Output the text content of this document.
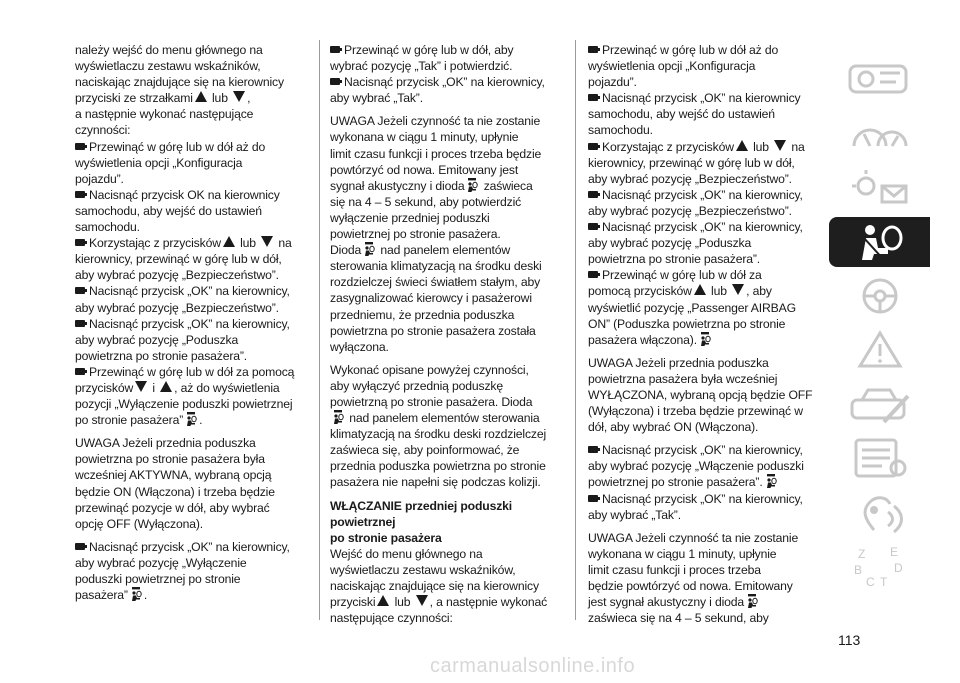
należy wejść do menu głównego na
wyświetlaczu zestawu wskaźników,
naciskając znajdujące się na kierownicy
przyciski ze strzałkami lub ,
a następnie wykonać następujące
czynności:

Przewinąć w górę lub w dół aż do
wyświetlenia opcji „Konfiguracja
pojazdu”.

Nacisnąć przycisk OK na kierownicy
samochodu, aby wejść do ustawień
samochodu.

Korzystając z przycisków lub  na
kierownicy, przewinąć w górę lub w dół,
aby wybrać pozycję „Bezpieczeństwo”.

Nacisnąć przycisk „OK” na kierownicy,
aby wybrać pozycję „Bezpieczeństwo”.

Nacisnąć przycisk „OK” na kierownicy,
aby wybrać pozycję „Poduszka
powietrzna po stronie pasażera”.

Przewinąć w górę lub w dół za pomocą
przycisków i , aż do wyświetlenia
pozycji „Wyłączenie poduszki powietrznej
po stronie pasażera” .

UWAGA Jeżeli przednia poduszka
powietrzna po stronie pasażera była
wcześniej AKTYWNA, wybraną opcją
będzie ON (Włączona) i trzeba będzie
przewinąć pozycje w dół, aby wybrać
opcję OFF (Wyłączona).

Nacisnąć przycisk „OK” na kierownicy,
aby wybrać pozycję „Wyłączenie
poduszki powietrznej po stronie
pasażera” .

Przewinąć w górę lub w dół, aby
wybrać pozycję „Tak” i potwierdzić.

Nacisnąć przycisk „OK” na kierownicy,
aby wybrać „Tak”.

UWAGA Jeżeli czynność ta nie zostanie
wykonana w ciągu 1 minuty, upłynie
limit czasu funkcji i proces trzeba będzie
powtórzyć od nowa. Emitowany jest
sygnał akustyczny i dioda zaświeca
się na 4 – 5 sekund, aby potwierdzić
wyłączenie przedniej poduszki
powietrznej po stronie pasażera.
Dioda nad panelem elementów
sterowania klimatyzacją na środku deski
rozdzielczej świeci światłem stałym, aby
zasygnalizować kierowcy i pasażerowi
przedniemu, że przednia poduszka
powietrzna po stronie pasażera została
wyłączona.

Wykonać opisane powyżej czynności,
aby wyłączyć przednią poduszkę
powietrzną po stronie pasażera. Dioda
nad panelem elementów sterowania
klimatyzacją na środku deski rozdzielczej
zaświeca się, aby poinformować, że
przednia poduszka powietrzna po stronie
pasażera nie napełni się podczas kolizji.

WŁĄCZANIE przedniej poduszki powietrznej
po stronie pasażera

Wejść do menu głównego na
wyświetlaczu zestawu wskaźników,
naciskając znajdujące się na kierownicy
przyciski lub , a następnie wykonać
następujące czynności:

Przewinąć w górę lub w dół aż do
wyświetlenia opcji „Konfiguracja
pojazdu”.

Nacisnąć przycisk „OK” na kierownicy
samochodu, aby wejść do ustawień
samochodu.

Korzystając z przycisków lub  na
kierownicy, przewinąć w górę lub w dół,
aby wybrać pozycję „Bezpieczeństwo”.

Nacisnąć przycisk „OK” na kierownicy,
aby wybrać pozycję „Bezpieczeństwo”.

Nacisnąć przycisk „OK” na kierownicy,
aby wybrać pozycję „Poduszka
powietrzna po stronie pasażera”.

Przewinąć w górę lub w dół za
pomocą przycisków lub , aby
wyświetlić pozycję „Passenger AIRBAG
ON” (Poduszka powietrzna po stronie
pasażera włączona).

UWAGA Jeżeli przednia poduszka
powietrzna pasażera była wcześniej
WYŁĄCZONA, wybraną opcją będzie OFF
(Wyłączona) i trzeba będzie przewinąć w
dół, aby wybrać ON (Włączona).

Nacisnąć przycisk „OK” na kierownicy,
aby wybrać pozycję „Włączenie poduszki
powietrznej po stronie pasażera”.

Nacisnąć przycisk „OK” na kierownicy,
aby wybrać „Tak”.

UWAGA Jeżeli czynność ta nie zostanie
wykonana w ciągu 1 minuty, upłynie
limit czasu funkcji i proces trzeba
będzie powtórzyć od nowa. Emitowany
jest sygnał akustyczny i dioda
zaświeca się na 4 – 5 sekund, aby

Z E
B	D
C T
113
carmanualsonline.info
